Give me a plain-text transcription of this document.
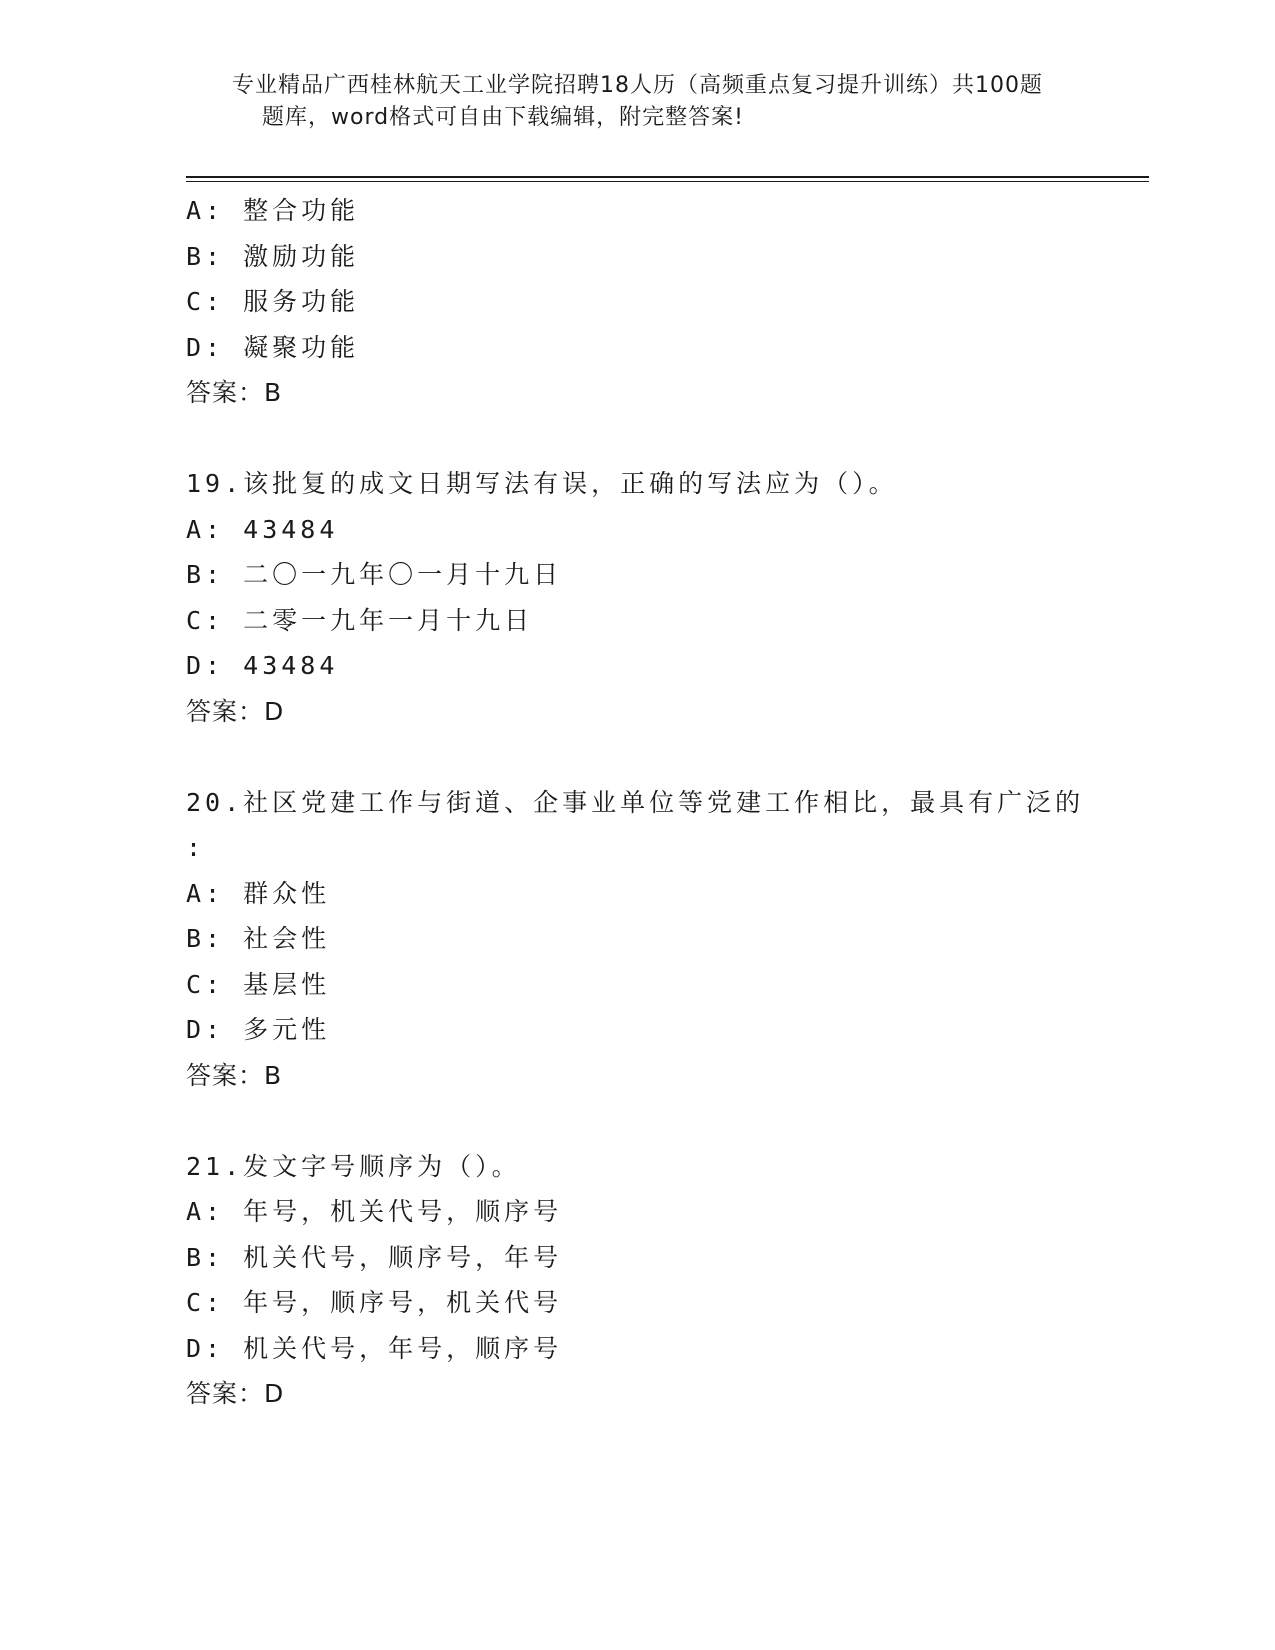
专业精品广西桂林航天工业学院招聘18人历（高频重点复习提升训练）共100题
题库，word格式可自由下载编辑，附完整答案!
A: 整合功能
B: 激励功能
C: 服务功能
D: 凝聚功能
答案：B
19.该批复的成文日期写法有误，正确的写法应为（）。
A: 43484
B: 二〇一九年〇一月十九日
C: 二零一九年一月十九日
D: 43484
答案：D
20.社区党建工作与街道、企事业单位等党建工作相比，最具有广泛的
:
A: 群众性
B: 社会性
C: 基层性
D: 多元性
答案：B
21.发文字号顺序为（）。
A: 年号，机关代号，顺序号
B: 机关代号，顺序号，年号
C: 年号，顺序号，机关代号
D: 机关代号，年号，顺序号
答案：D
